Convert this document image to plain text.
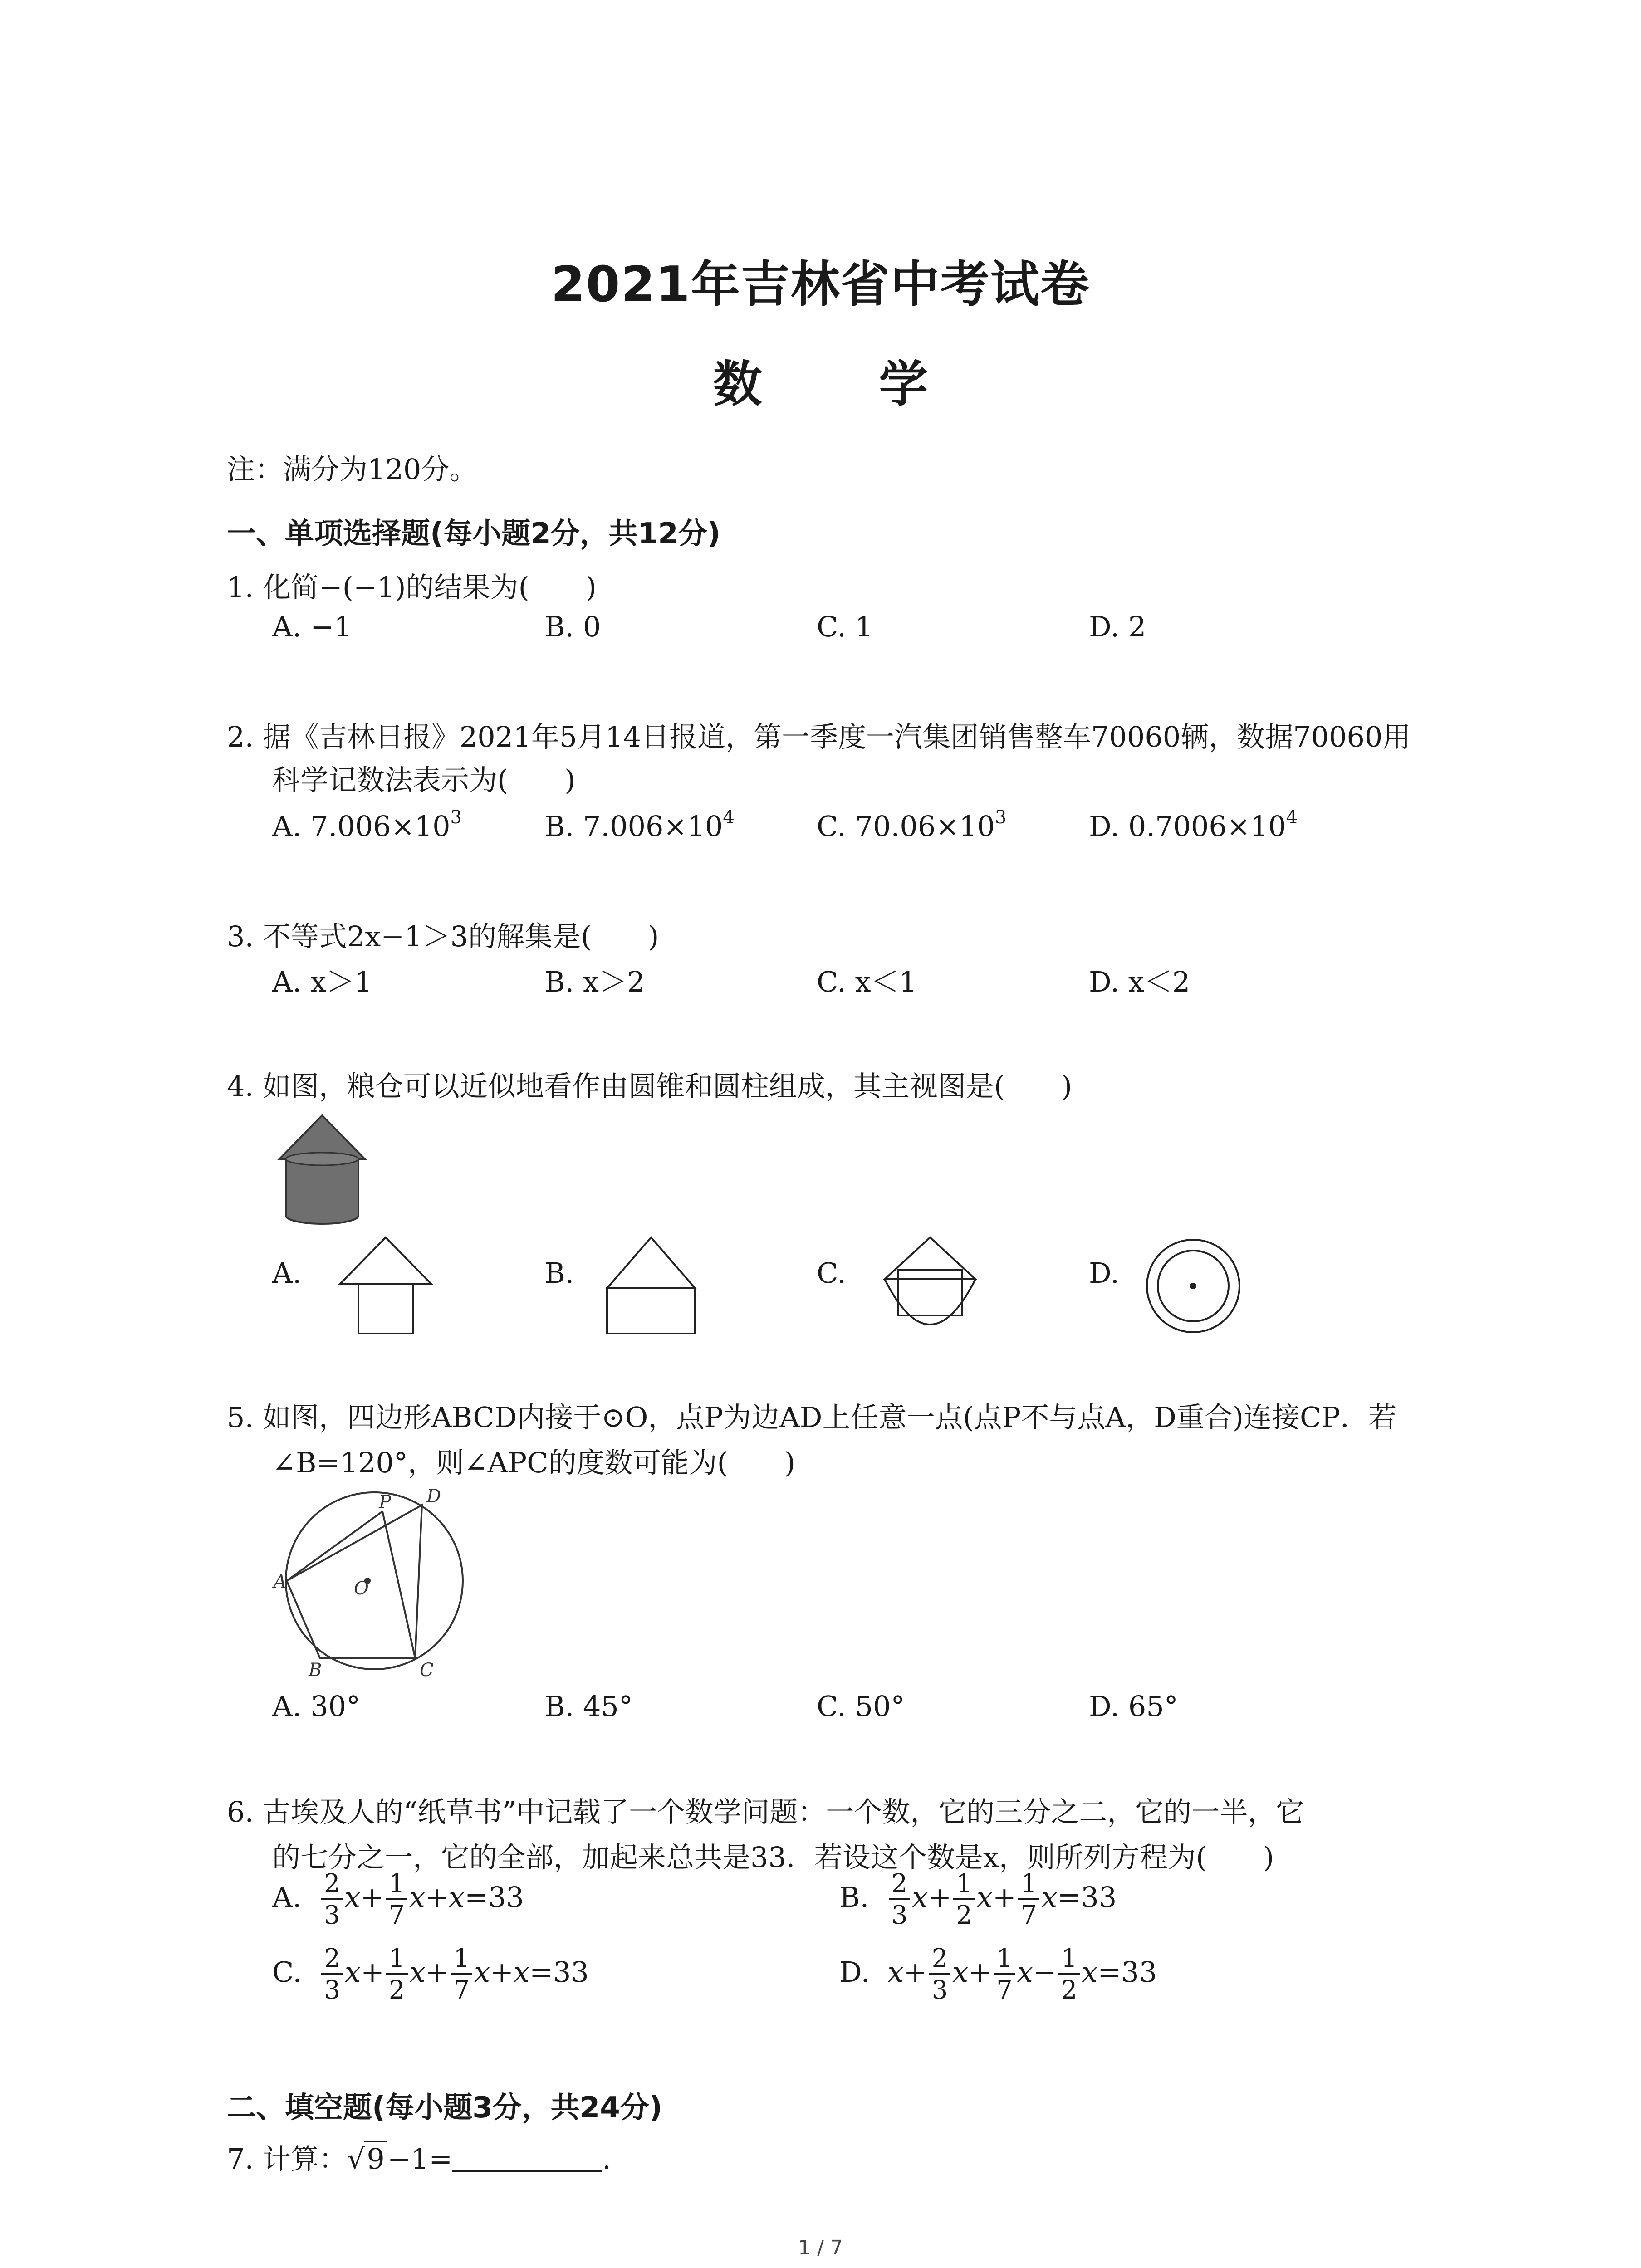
2021年吉林省中考试卷
数 学
注：满分为120分。
一、单项选择题(每小题2分，共12分)
1. 化简−(−1)的结果为(　　)
A. −1	B. 0	C. 1	D. 2
2. 据《吉林日报》2021年5月14日报道，第一季度一汽集团销售整车70060辆，数据70060用
科学记数法表示为(　　)
A. $7.006\times 10^3$	B. $7.006\times 10^4$	C. $70.06\times 10^3$	D. $0.7006\times 10^4$
3. 不等式2x−1＞3的解集是(　　)
A. x＞1	B. x＞2	C. x＜1	D. x＜2
4. 如图，粮仓可以近似地看作由圆锥和圆柱组成，其主视图是(　　)
A.	B.	C.	D.
5. 如图，四边形ABCD内接于⊙O，点P为边AD上任意一点(点P不与点A，D重合)连接CP．若
∠B=120°，则∠APC的度数可能为(　　)
A
B	C
D
P
O
A. 30°	B. 45°	C. 50°	D. 65°
6. 古埃及人的“纸草书”中记载了一个数学问题：一个数，它的三分之二，它的一半，它
的七分之一，它的全部，加起来总共是33．若设这个数是x，则所列方程为(　　)
A. $\frac{2}{3} x+ \frac{1}{7} x+x=33$	B. $\frac{2}{3} x+ \frac{1}{2} x+ \frac{1}{7} x=33$
C. $\frac{2}{3} x+ \frac{1}{2} x+ \frac{1}{7} x+x=33$	D. $x+ \frac{2}{3} x+ \frac{1}{7} x- \frac{1}{2} x=33$
二、填空题(每小题3分，共24分)
7. 计算：√9−1=	.
1 / 7
